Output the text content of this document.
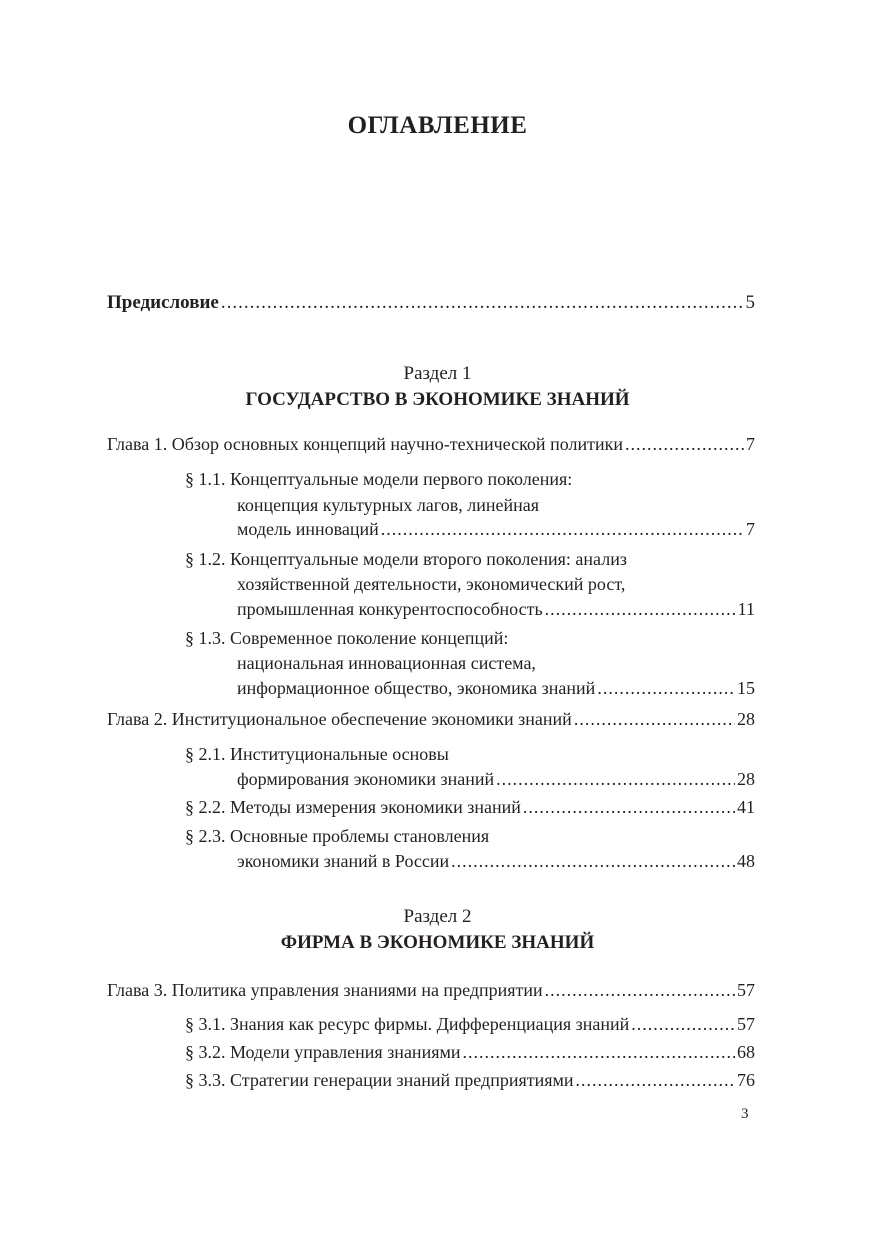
ОГЛАВЛЕНИЕ
Предисловие .....	5
Раздел 1
ГОСУДАРСТВО В ЭКОНОМИКЕ ЗНАНИЙ
Глава 1. Обзор основных концепций научно-технической политики .....	7
§ 1.1. Концептуальные модели первого поколения:
концепция культурных лагов, линейная
модель инноваций .....	7
§ 1.2. Концептуальные модели второго поколения: анализ
хозяйственной деятельности, экономический рост,
промышленная конкурентоспособность .....	11
§ 1.3. Современное поколение концепций:
национальная инновационная система,
информационное общество, экономика знаний .....	15
Глава 2. Институциональное обеспечение экономики знаний .....	28
§ 2.1. Институциональные основы
формирования экономики знаний .....	28
§ 2.2. Методы измерения экономики знаний .....	41
§ 2.3. Основные проблемы становления
экономики знаний в России .....	48
Раздел 2
ФИРМА В ЭКОНОМИКЕ ЗНАНИЙ
Глава 3. Политика управления знаниями на предприятии .....	57
§ 3.1. Знания как ресурс фирмы. Дифференциация знаний .....	57
§ 3.2. Модели управления знаниями .....	68
§ 3.3. Стратегии генерации знаний предприятиями .....	76
3
